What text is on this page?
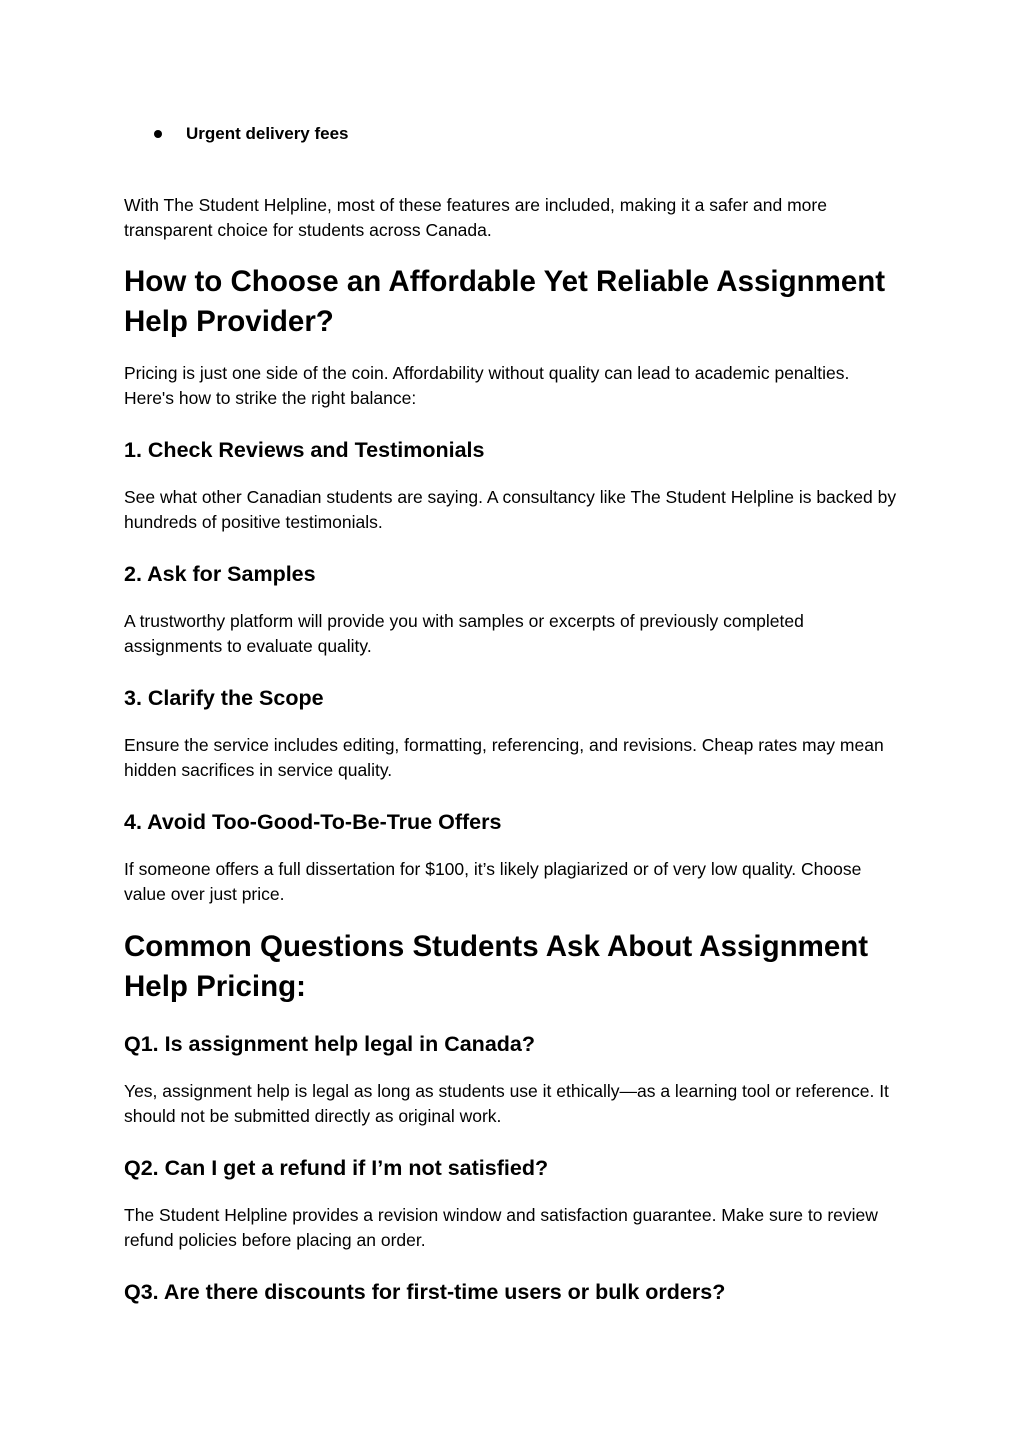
Urgent delivery fees

With The Student Helpline, most of these features are included, making it a safer and more transparent choice for students across Canada.

How to Choose an Affordable Yet Reliable Assignment Help Provider?

Pricing is just one side of the coin. Affordability without quality can lead to academic penalties. Here's how to strike the right balance:

1. Check Reviews and Testimonials

See what other Canadian students are saying. A consultancy like The Student Helpline is backed by hundreds of positive testimonials.

2. Ask for Samples

A trustworthy platform will provide you with samples or excerpts of previously completed assignments to evaluate quality.

3. Clarify the Scope

Ensure the service includes editing, formatting, referencing, and revisions. Cheap rates may mean hidden sacrifices in service quality.

4. Avoid Too-Good-To-Be-True Offers

If someone offers a full dissertation for $100, it’s likely plagiarized or of very low quality. Choose value over just price.

Common Questions Students Ask About Assignment Help Pricing:
Q1. Is assignment help legal in Canada?

Yes, assignment help is legal as long as students use it ethically—as a learning tool or reference. It should not be submitted directly as original work.

Q2. Can I get a refund if I’m not satisfied?

The Student Helpline provides a revision window and satisfaction guarantee. Make sure to review refund policies before placing an order.

Q3. Are there discounts for first-time users or bulk orders?
